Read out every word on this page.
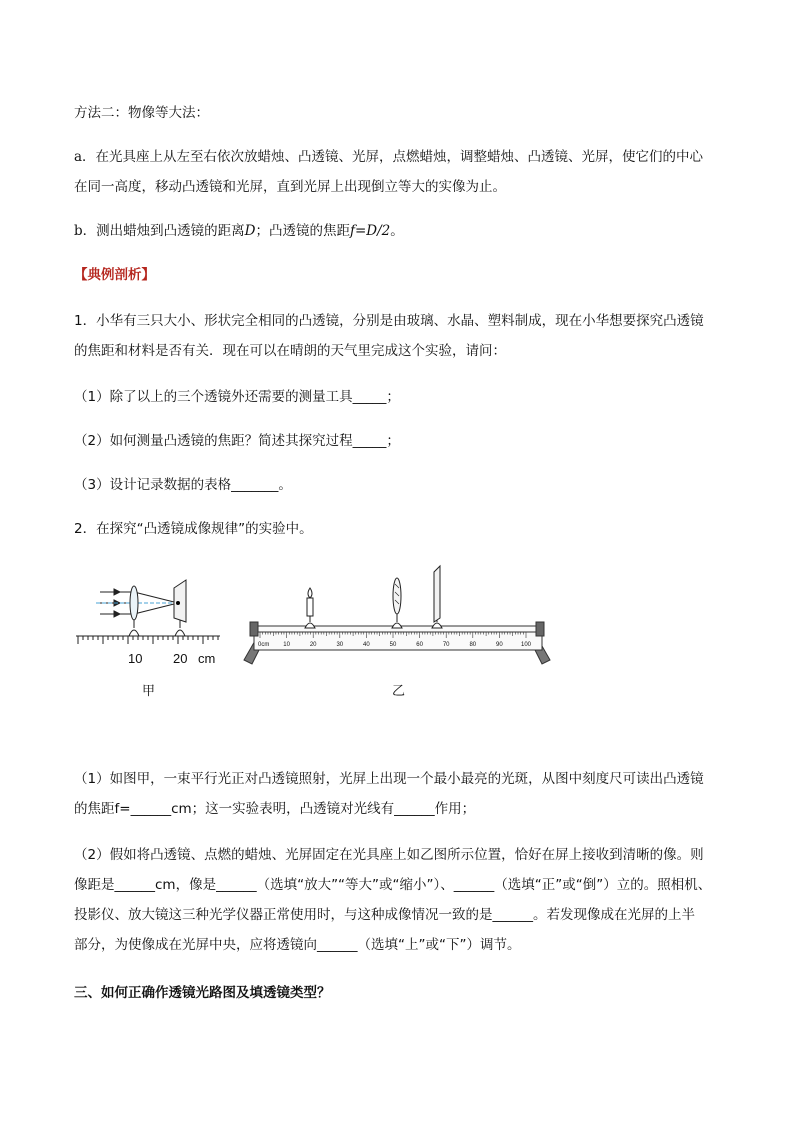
方法二：物像等大法：
a．在光具座上从左至右依次放蜡烛、凸透镜、光屏，点燃蜡烛，调整蜡烛、凸透镜、光屏，使它们的中心
在同一高度，移动凸透镜和光屏，直到光屏上出现倒立等大的实像为止。
b．测出蜡烛到凸透镜的距离D；凸透镜的焦距f=D/2。
【典例剖析】
1．小华有三只大小、形状完全相同的凸透镜，分别是由玻璃、水晶、塑料制成，现在小华想要探究凸透镜
的焦距和材料是否有关．现在可以在晴朗的天气里完成这个实验，请问：
（1）除了以上的三个透镜外还需要的测量工具_____；
（2）如何测量凸透镜的焦距？简述其探究过程_____；
（3）设计记录数据的表格_______。
2．在探究“凸透镜成像规律”的实验中。
10 20 cm
甲
0cm 10	20	30	40	50	60	70	80	90	100
乙
（1）如图甲，一束平行光正对凸透镜照射，光屏上出现一个最小最亮的光斑，从图中刻度尺可读出凸透镜
的焦距f=______cm；这一实验表明，凸透镜对光线有______作用；
（2）假如将凸透镜、点燃的蜡烛、光屏固定在光具座上如乙图所示位置，恰好在屏上接收到清晰的像。则
像距是______cm，像是______（选填“放大”“等大”或“缩小”）、______（选填“正”或“倒”）立的。照相机、
投影仪、放大镜这三种光学仪器正常使用时，与这种成像情况一致的是______。若发现像成在光屏的上半
部分，为使像成在光屏中央，应将透镜向______（选填“上”或“下”）调节。
三、如何正确作透镜光路图及填透镜类型？
